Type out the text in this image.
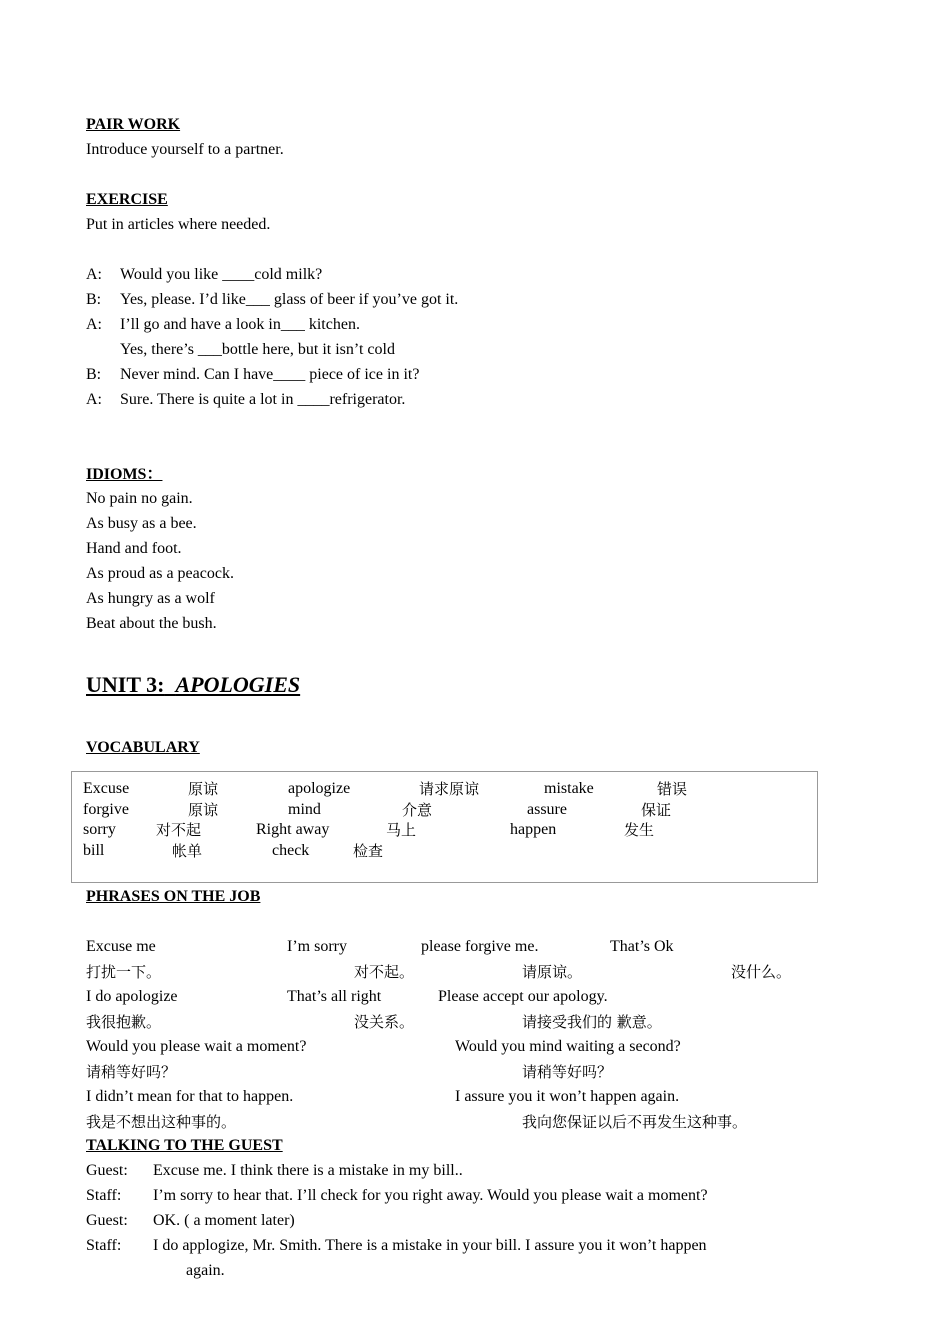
PAIR WORK
Introduce yourself to a partner.
EXERCISE
Put in articles where needed.
A: Would you like ____cold milk?
B: Yes, please. I’d like___ glass of beer if you’ve got it.
A: I’ll go and have a look in___ kitchen.
Yes, there’s ___bottle here, but it isn’t cold
B: Never mind. Can I have____ piece of ice in it?
A: Sure. There is quite a lot in ____refrigerator.
IDIOMS：
No pain no gain.
As busy as a bee.
Hand and foot.
As proud as a peacock.
As hungry as a wolf
Beat about the bush.
UNIT 3: APOLOGIES
VOCABULARY
Excuse	原谅	apologize	请求原谅	mistake	错误
forgive	原谅	mind	介意	assure	保证
sorry	对不起	Right away	马上	happen	发生
bill	帐单	check	检查
PHRASES ON THE JOB
Excuse me	I’m sorry	please forgive me.	That’s Ok
打扰一下。	对不起。	请原谅。	没什么。
I do apologize	That’s all right	Please accept our apology.
我很抱歉。	没关系。	请接受我们的 歉意。
Would you please wait a moment?	Would you mind waiting a second?
请稍等好吗？	请稍等好吗？
I didn’t mean for that to happen.	I assure you it won’t happen again.
我是不想出这种事的。	我向您保证以后不再发生这种事。
TALKING TO THE GUEST
Guest: Excuse me. I think there is a mistake in my bill..
Staff: I’m sorry to hear that. I’ll check for you right away. Would you please wait a moment?
Guest: OK. ( a moment later)
Staff: I do applogize, Mr. Smith. There is a mistake in your bill. I assure you it won’t happen
again.
